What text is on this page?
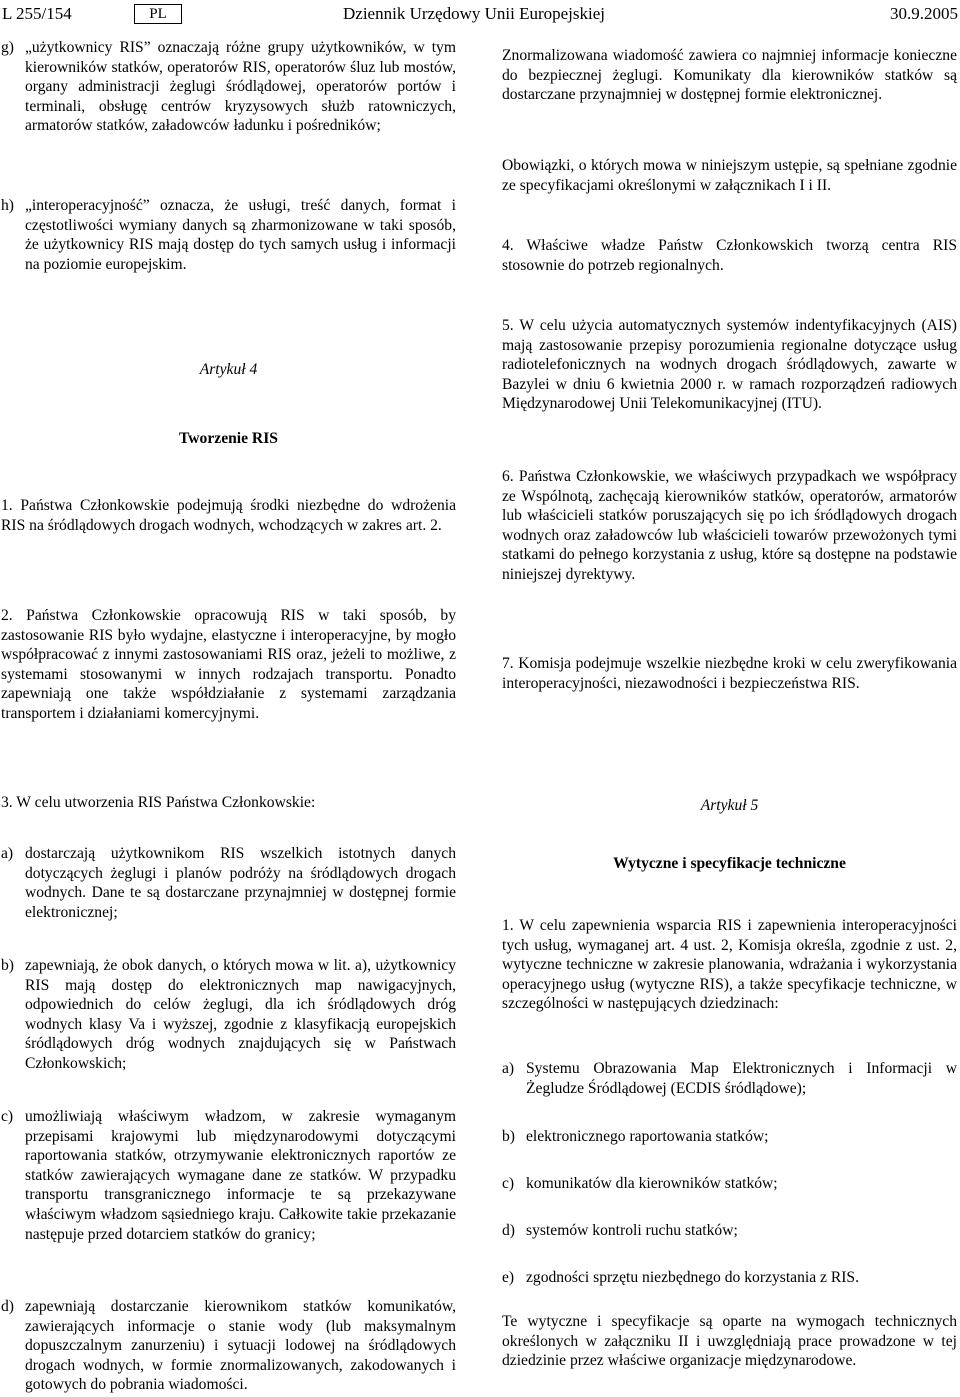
L 255/154	PL	Dziennik Urzędowy Unii Europejskiej	30.9.2005
g) „użytkownicy RIS” oznaczają różne grupy użytkowników, w tym kierowników statków, operatorów RIS, operatorów śluz lub mostów, organy administracji żeglugi śródlądowej, operatorów portów i terminali, obsługę centrów kryzysowych służb ratowniczych, armatorów statków, załadowców ładunku i pośredników;

h) „interoperacyjność” oznacza, że usługi, treść danych, format i częstotliwości wymiany danych są zharmonizowane w taki sposób, że użytkownicy RIS mają dostęp do tych samych usług i informacji na poziomie europejskim.

Artykuł 4

Tworzenie RIS

1. Państwa Członkowskie podejmują środki niezbędne do wdrożenia RIS na śródlądowych drogach wodnych, wchodzących w zakres art. 2.

2. Państwa Członkowskie opracowują RIS w taki sposób, by zastosowanie RIS było wydajne, elastyczne i interoperacyjne, by mogło współpracować z innymi zastosowaniami RIS oraz, jeżeli to możliwe, z systemami stosowanymi w innych rodzajach transportu. Ponadto zapewniają one także współdziałanie z systemami zarządzania transportem i działaniami komercyjnymi.

3. W celu utworzenia RIS Państwa Członkowskie:

a) dostarczają użytkownikom RIS wszelkich istotnych danych dotyczących żeglugi i planów podróży na śródlądowych drogach wodnych. Dane te są dostarczane przynajmniej w dostępnej formie elektronicznej;

b) zapewniają, że obok danych, o których mowa w lit. a), użytkownicy RIS mają dostęp do elektronicznych map nawigacyjnych, odpowiednich do celów żeglugi, dla ich śródlądowych dróg wodnych klasy Va i wyższej, zgodnie z klasyfikacją europejskich śródlądowych dróg wodnych znajdujących się w Państwach Członkowskich;

c) umożliwiają właściwym władzom, w zakresie wymaganym przepisami krajowymi lub międzynarodowymi dotyczącymi raportowania statków, otrzymywanie elektronicznych raportów ze statków zawierających wymagane dane ze statków. W przypadku transportu transgranicznego informacje te są przekazywane właściwym władzom sąsiedniego kraju. Całkowite takie przekazanie następuje przed dotarciem statków do granicy;

d) zapewniają dostarczanie kierownikom statków komunikatów, zawierających informacje o stanie wody (lub maksymalnym dopuszczalnym zanurzeniu) i sytuacji lodowej na śródlądowych drogach wodnych, w formie znormalizowanych, zakodowanych i gotowych do pobrania wiadomości.

Znormalizowana wiadomość zawiera co najmniej informacje konieczne do bezpiecznej żeglugi. Komunikaty dla kierowników statków są dostarczane przynajmniej w dostępnej formie elektronicznej.

Obowiązki, o których mowa w niniejszym ustępie, są spełniane zgodnie ze specyfikacjami określonymi w załącznikach I i II.

4. Właściwe władze Państw Członkowskich tworzą centra RIS stosownie do potrzeb regionalnych.

5. W celu użycia automatycznych systemów indentyfikacyjnych (AIS) mają zastosowanie przepisy porozumienia regionalne dotyczące usług radiotelefonicznych na wodnych drogach śródlądowych, zawarte w Bazylei w dniu 6 kwietnia 2000 r. w ramach rozporządzeń radiowych Międzynarodowej Unii Telekomunikacyjnej (ITU).

6. Państwa Członkowskie, we właściwych przypadkach we współpracy ze Wspólnotą, zachęcają kierowników statków, operatorów, armatorów lub właścicieli statków poruszających się po ich śródlądowych drogach wodnych oraz załadowców lub właścicieli towarów przewożonych tymi statkami do pełnego korzystania z usług, które są dostępne na podstawie niniejszej dyrektywy.

7. Komisja podejmuje wszelkie niezbędne kroki w celu zweryfikowania interoperacyjności, niezawodności i bezpieczeństwa RIS.

Artykuł 5

Wytyczne i specyfikacje techniczne

1. W celu zapewnienia wsparcia RIS i zapewnienia interoperacyjności tych usług, wymaganej art. 4 ust. 2, Komisja określa, zgodnie z ust. 2, wytyczne techniczne w zakresie planowania, wdrażania i wykorzystania operacyjnego usług (wytyczne RIS), a także specyfikacje techniczne, w szczególności w następujących dziedzinach:

a) Systemu Obrazowania Map Elektronicznych i Informacji w Żegludze Śródlądowej (ECDIS śródlądowe);

b) elektronicznego raportowania statków;

c) komunikatów dla kierowników statków;

d) systemów kontroli ruchu statków;

e) zgodności sprzętu niezbędnego do korzystania z RIS.

Te wytyczne i specyfikacje są oparte na wymogach technicznych określonych w załączniku II i uwzględniają prace prowadzone w tej dziedzinie przez właściwe organizacje międzynarodowe.
